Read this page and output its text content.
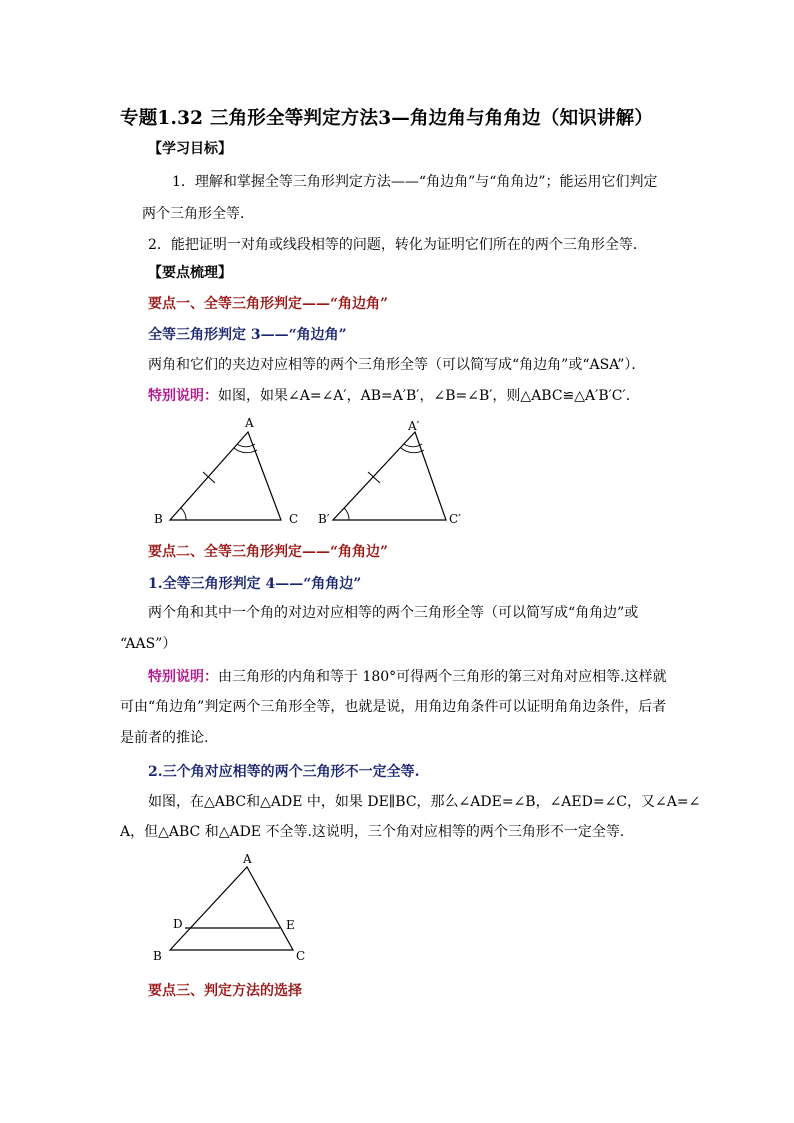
专题1.32 三角形全等判定方法3—角边角与角角边（知识讲解）
【学习目标】
1．理解和掌握全等三角形判定方法——“角边角”与“角角边”；能运用它们判定
两个三角形全等．
2．能把证明一对角或线段相等的问题，转化为证明它们所在的两个三角形全等．
【要点梳理】
要点一、全等三角形判定——“角边角”
全等三角形判定 3——“角边角”
两角和它们的夹边对应相等的两个三角形全等（可以简写成“角边角”或“ASA”）．
特别说明：如图，如果∠A=∠A′，AB=A′B′，∠B=∠B′，则△ABC≌△A′B′C′．
A
B	C
A′
B′	C′
要点二、全等三角形判定——“角角边”
1.全等三角形判定 4——“角角边”
两个角和其中一个角的对边对应相等的两个三角形全等（可以简写成“角角边”或
“AAS”）
特别说明：由三角形的内角和等于 180°可得两个三角形的第三对角对应相等.这样就
可由“角边角”判定两个三角形全等，也就是说，用角边角条件可以证明角角边条件，后者
是前者的推论.
2.三个角对应相等的两个三角形不一定全等.
如图，在△ABC和△ADE 中，如果 DE∥BC，那么∠ADE=∠B，∠AED=∠C，又∠A=∠
A，但△ABC 和△ADE 不全等.这说明，三个角对应相等的两个三角形不一定全等.
A
D	E
B	C
要点三、判定方法的选择
